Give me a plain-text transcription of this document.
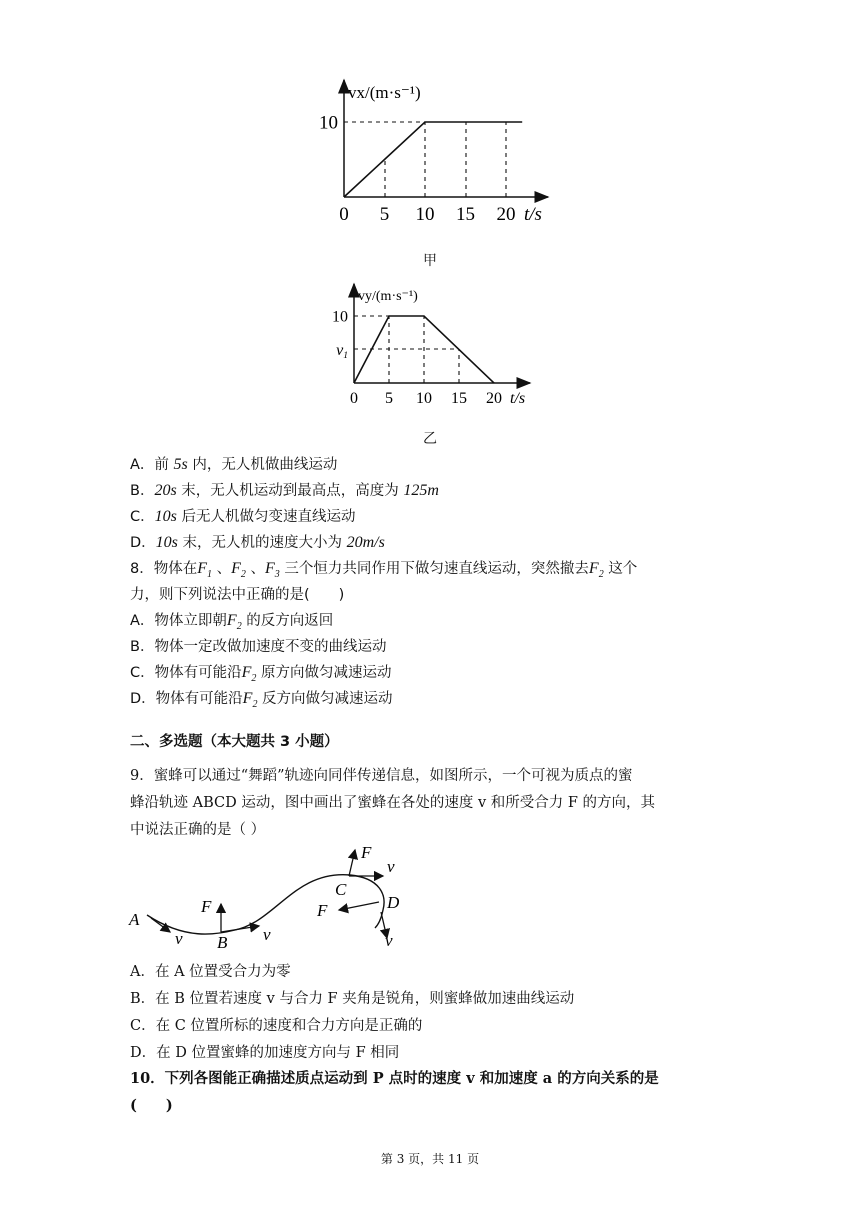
0 5 10 15 20
10
t/s
vx/(m·s⁻¹)
甲
0 5 10 15 20
10
v1
t/s
vy/(m·s⁻¹)
乙
A．前 5s 内，无人机做曲线运动
B．20s 末，无人机运动到最高点，高度为 125m
C．10s 后无人机做匀变速直线运动
D．10s 末，无人机的速度大小为 20m/s
8．物体在$F_1$ 、$F_2$ 、$F_3$ 三个恒力共同作用下做匀速直线运动，突然撤去$F_2$ 这个
力，则下列说法中正确的是(　　)
A．物体立即朝$F_2$ 的反方向返回
B．物体一定改做加速度不变的曲线运动
C．物体有可能沿$F_2$ 原方向做匀减速运动
D．物体有可能沿$F_2$ 反方向做匀减速运动
二、多选题（本大题共 3 小题）
9．蜜蜂可以通过“舞蹈”轨迹向同伴传递信息，如图所示，一个可视为质点的蜜
蜂沿轨迹 ABCD 运动，图中画出了蜜蜂在各处的速度 v 和所受合力 F 的方向，其
中说法正确的是（ ）
A
v
F
B v
F
v
C
F	D
v
A．在 A 位置受合力为零
B．在 B 位置若速度 v 与合力 F 夹角是锐角，则蜜蜂做加速曲线运动
C．在 C 位置所标的速度和合力方向是正确的
D．在 D 位置蜜蜂的加速度方向与 F 相同
10．下列各图能正确描述质点运动到 P 点时的速度 v 和加速度 a 的方向关系的是
(　　)
第 3 页，共 11 页
